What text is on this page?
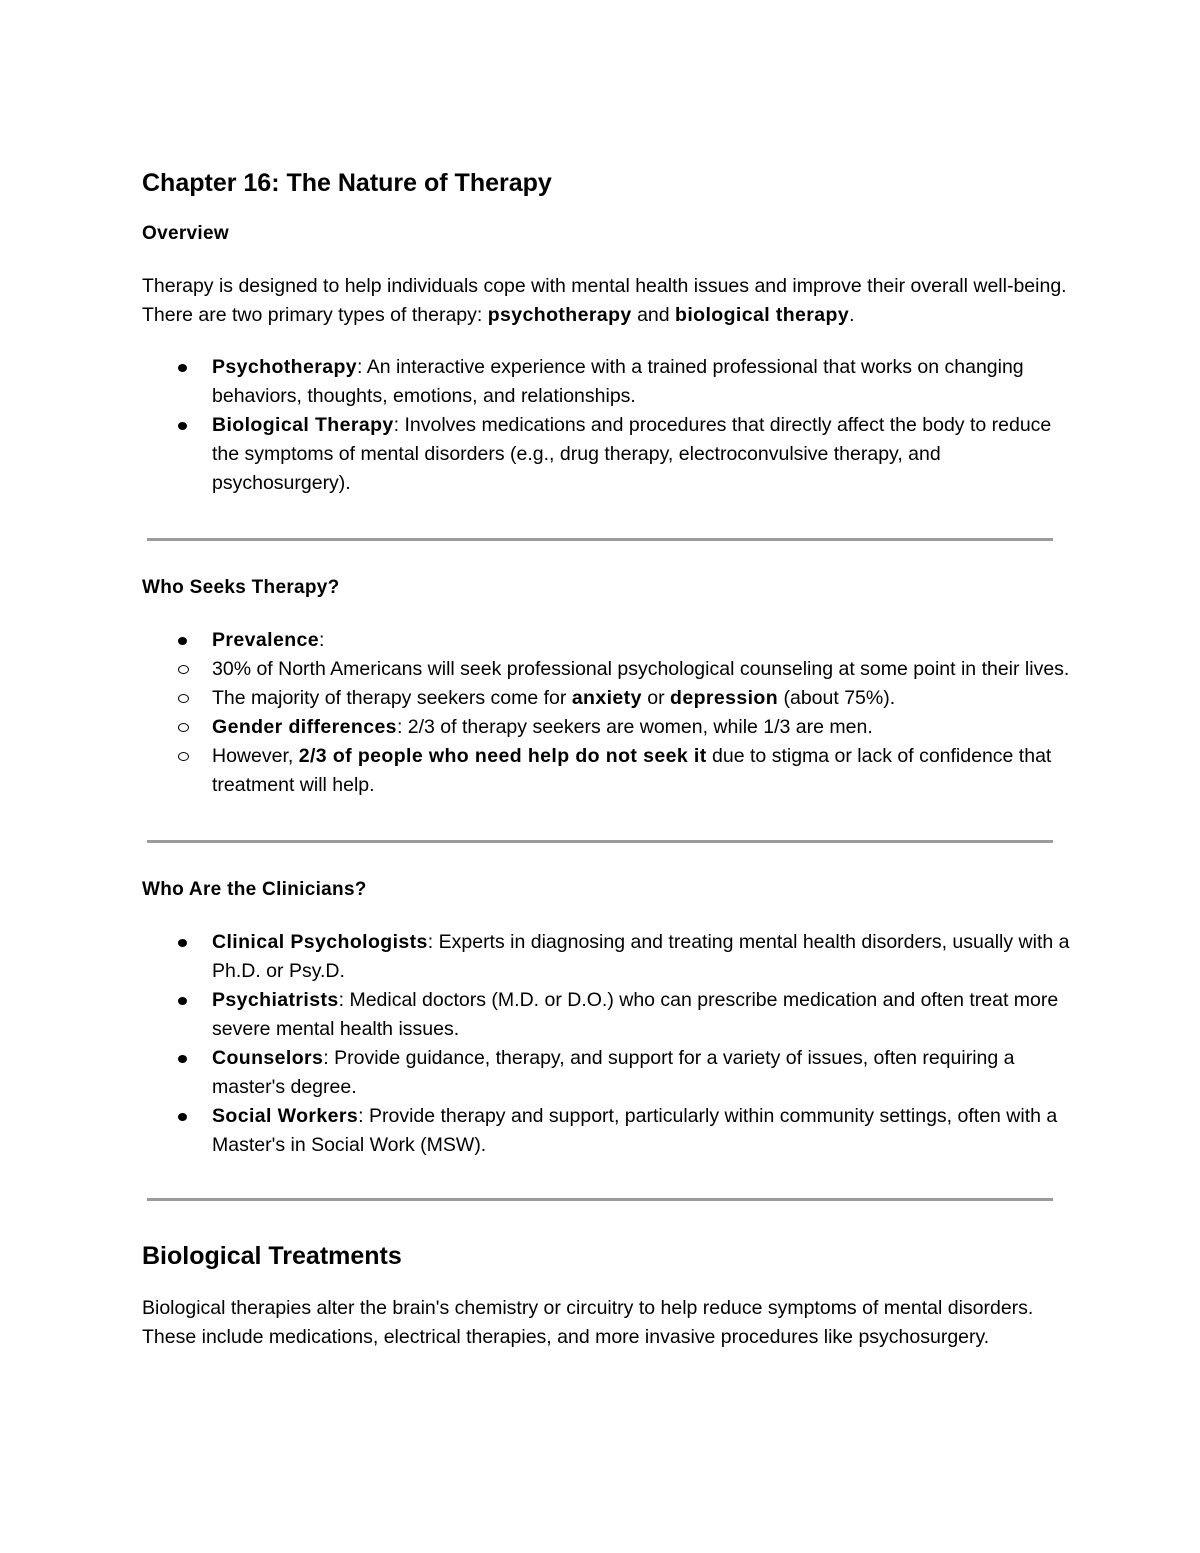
Chapter 16: The Nature of Therapy
Overview

Therapy is designed to help individuals cope with mental health issues and improve their overall well-being. There are two primary types of therapy: psychotherapy and biological therapy.

Psychotherapy: An interactive experience with a trained professional that works on changing behaviors, thoughts, emotions, and relationships.
Biological Therapy: Involves medications and procedures that directly affect the body to reduce the symptoms of mental disorders (e.g., drug therapy, electroconvulsive therapy, and psychosurgery).
Who Seeks Therapy?
Prevalence:
30% of North Americans will seek professional psychological counseling at some point in their lives.
The majority of therapy seekers come for anxiety or depression (about 75%).
Gender differences: 2/3 of therapy seekers are women, while 1/3 are men.
However, 2/3 of people who need help do not seek it due to stigma or lack of confidence that treatment will help.
Who Are the Clinicians?
Clinical Psychologists: Experts in diagnosing and treating mental health disorders, usually with a Ph.D. or Psy.D.
Psychiatrists: Medical doctors (M.D. or D.O.) who can prescribe medication and often treat more severe mental health issues.
Counselors: Provide guidance, therapy, and support for a variety of issues, often requiring a master's degree.
Social Workers: Provide therapy and support, particularly within community settings, often with a Master's in Social Work (MSW).
Biological Treatments

Biological therapies alter the brain's chemistry or circuitry to help reduce symptoms of mental disorders. These include medications, electrical therapies, and more invasive procedures like psychosurgery.
